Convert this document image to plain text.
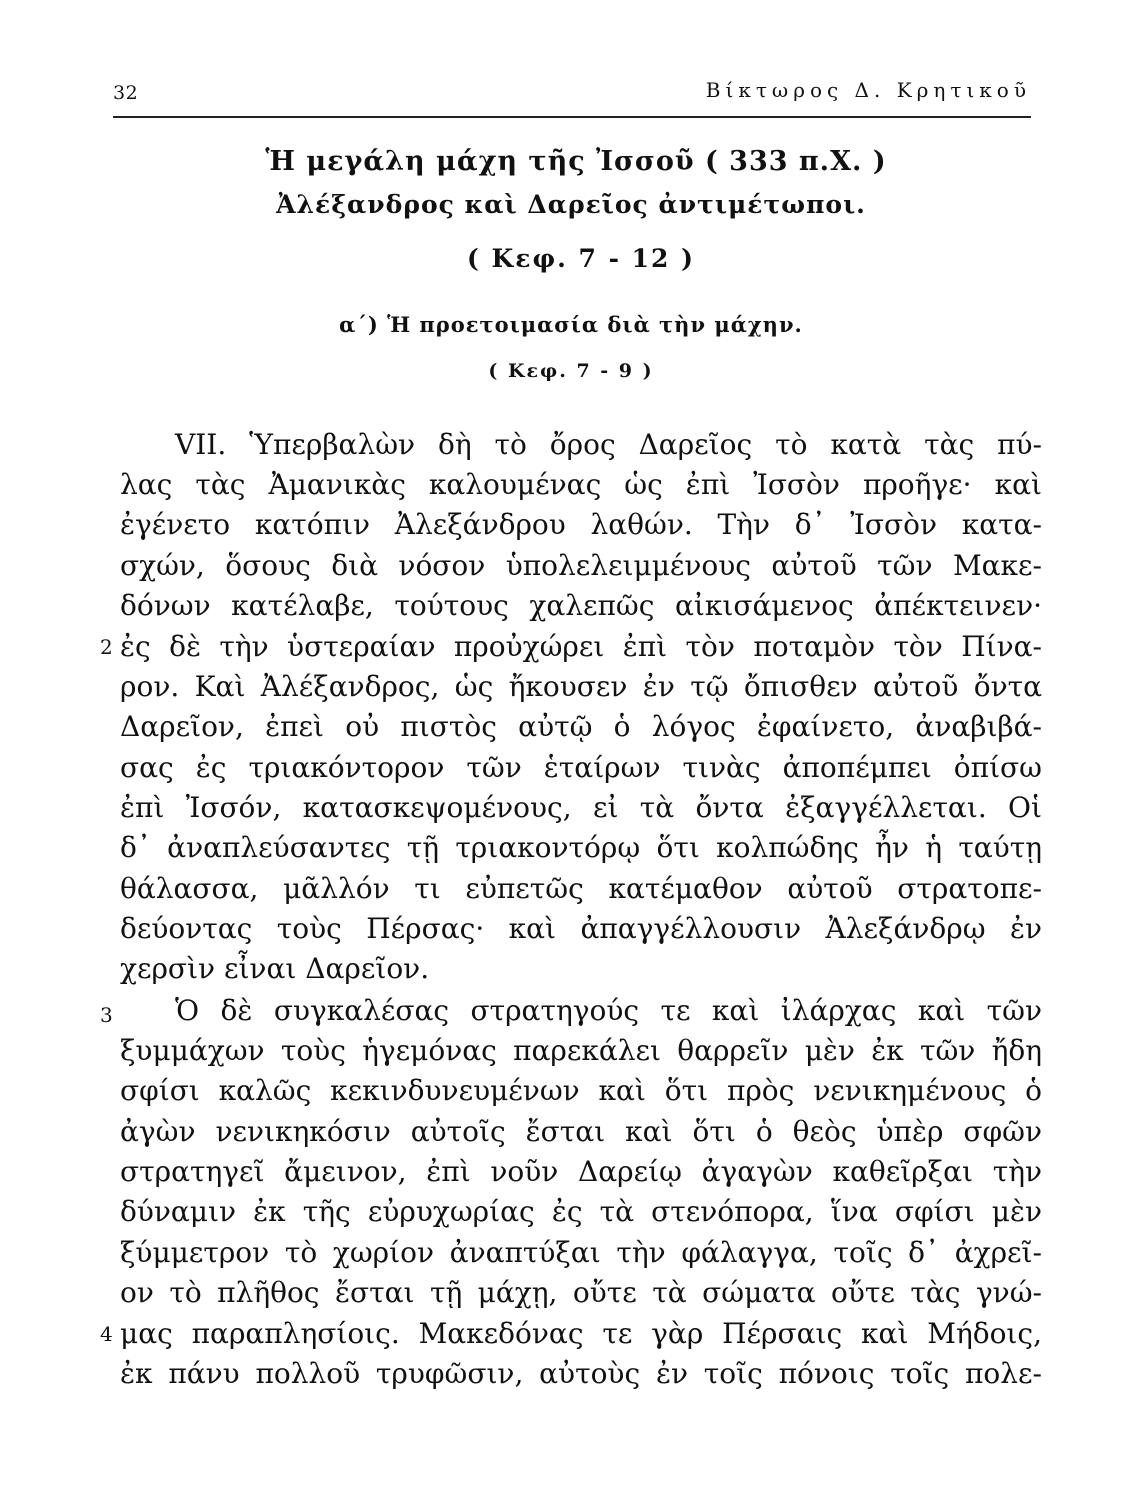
32	Βίκτωρος Δ. Κρητικοῦ
Ἡ μεγάλη μάχη τῆς Ἰσσοῦ ( 333 π.Χ. )
Ἀλέξανδρος καὶ Δαρεῖος ἀντιμέτωποι.
( Κεφ. 7 - 12 )
α΄) Ἡ προετοιμασία διὰ τὴν μάχην.
( Κεφ. 7 - 9 )
VII. Ὑπερβαλὼν δὴ τὸ ὄρος Δαρεῖος τὸ κατὰ τὰς πύ-
λας τὰς Ἀμανικὰς καλουμένας ὡς ἐπὶ Ἰσσὸν προῆγε· καὶ
ἐγένετο κατόπιν Ἀλεξάνδρου λαθών. Τὴν δ᾽ Ἰσσὸν κατα-
σχών, ὅσους διὰ νόσον ὑπολελειμμένους αὐτοῦ τῶν Μακε-
δόνων κατέλαβε, τούτους χαλεπῶς αἰκισάμενος ἀπέκτεινεν·
ἐς δὲ τὴν ὑστεραίαν προὐχώρει ἐπὶ τὸν ποταμὸν τὸν Πίνα-
ρον. Καὶ Ἀλέξανδρος, ὡς ἤκουσεν ἐν τῷ ὄπισθεν αὐτοῦ ὄντα
Δαρεῖον, ἐπεὶ οὐ πιστὸς αὐτῷ ὁ λόγος ἐφαίνετο, ἀναβιβά-
σας ἐς τριακόντορον τῶν ἑταίρων τινὰς ἀποπέμπει ὀπίσω
ἐπὶ Ἰσσόν, κατασκεψομένους, εἰ τὰ ὄντα ἐξαγγέλλεται. Οἱ
δ᾽ ἀναπλεύσαντες τῇ τριακοντόρῳ ὅτι κολπώδης ἦν ἡ ταύτῃ
θάλασσα, μᾶλλόν τι εὐπετῶς κατέμαθον αὐτοῦ στρατοπε-
δεύοντας τοὺς Πέρσας· καὶ ἀπαγγέλλουσιν Ἀλεξάνδρῳ ἐν
χερσὶν εἶναι Δαρεῖον.
Ὁ δὲ συγκαλέσας στρατηγούς τε καὶ ἰλάρχας καὶ τῶν
ξυμμάχων τοὺς ἡγεμόνας παρεκάλει θαρρεῖν μὲν ἐκ τῶν ἤδη
σφίσι καλῶς κεκινδυνευμένων καὶ ὅτι πρὸς νενικημένους ὁ
ἀγὼν νενικηκόσιν αὐτοῖς ἔσται καὶ ὅτι ὁ θεὸς ὑπὲρ σφῶν
στρατηγεῖ ἄμεινον, ἐπὶ νοῦν Δαρείῳ ἀγαγὼν καθεῖρξαι τὴν
δύναμιν ἐκ τῆς εὐρυχωρίας ἐς τὰ στενόπορα, ἵνα σφίσι μὲν
ξύμμετρον τὸ χωρίον ἀναπτύξαι τὴν φάλαγγα, τοῖς δ᾽ ἀχρεῖ-
ον τὸ πλῆθος ἔσται τῇ μάχῃ, οὔτε τὰ σώματα οὔτε τὰς γνώ-
μας παραπλησίοις. Μακεδόνας τε γὰρ Πέρσαις καὶ Μήδοις,
ἐκ πάνυ πολλοῦ τρυφῶσιν, αὐτοὺς ἐν τοῖς πόνοις τοῖς πολε-
2
3
4
